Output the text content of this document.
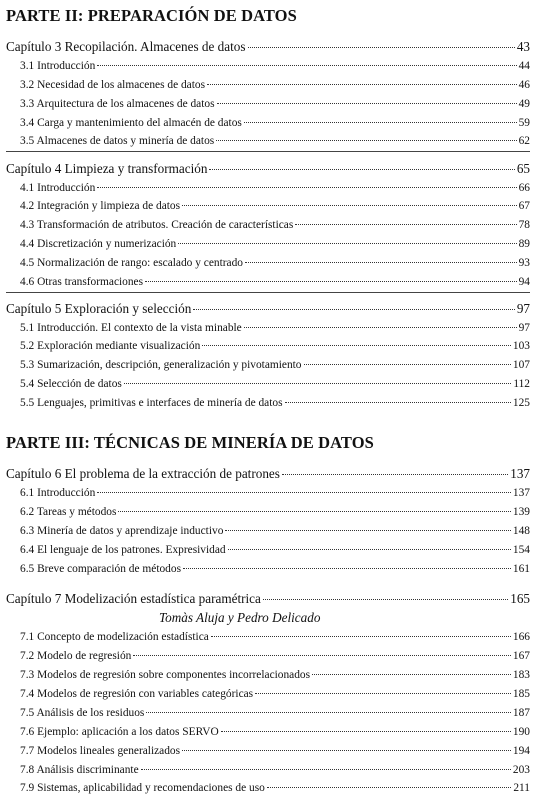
PARTE II: PREPARACIÓN DE DATOS
Capítulo 3 Recopilación. Almacenes de datos	43
3.1 Introducción	44
3.2 Necesidad de los almacenes de datos	46
3.3 Arquitectura de los almacenes de datos	49
3.4 Carga y mantenimiento del almacén de datos	59
3.5 Almacenes de datos y minería de datos	62
Capítulo 4 Limpieza y transformación	65
4.1 Introducción	66
4.2 Integración y limpieza de datos	67
4.3 Transformación de atributos. Creación de características	78
4.4 Discretización y numerización	89
4.5 Normalización de rango: escalado y centrado	93
4.6 Otras transformaciones	94
Capítulo 5 Exploración y selección	97
5.1 Introducción. El contexto de la vista minable	97
5.2 Exploración mediante visualización	103
5.3 Sumarización, descripción, generalización y pivotamiento	107
5.4 Selección de datos	112
5.5 Lenguajes, primitivas e interfaces de minería de datos	125
PARTE III: TÉCNICAS DE MINERÍA DE DATOS
Capítulo 6 El problema de la extracción de patrones	137
6.1 Introducción	137
6.2 Tareas y métodos	139
6.3 Minería de datos y aprendizaje inductivo	148
6.4 El lenguaje de los patrones. Expresividad	154
6.5 Breve comparación de métodos	161
Capítulo 7 Modelización estadística paramétrica	165
Tomàs Aluja y Pedro Delicado
7.1 Concepto de modelización estadística	166
7.2 Modelo de regresión	167
7.3 Modelos de regresión sobre componentes incorrelacionados	183
7.4 Modelos de regresión con variables categóricas	185
7.5 Análisis de los residuos	187
7.6 Ejemplo: aplicación a los datos SERVO	190
7.7 Modelos lineales generalizados	194
7.8 Análisis discriminante	203
7.9 Sistemas, aplicabilidad y recomendaciones de uso	211
